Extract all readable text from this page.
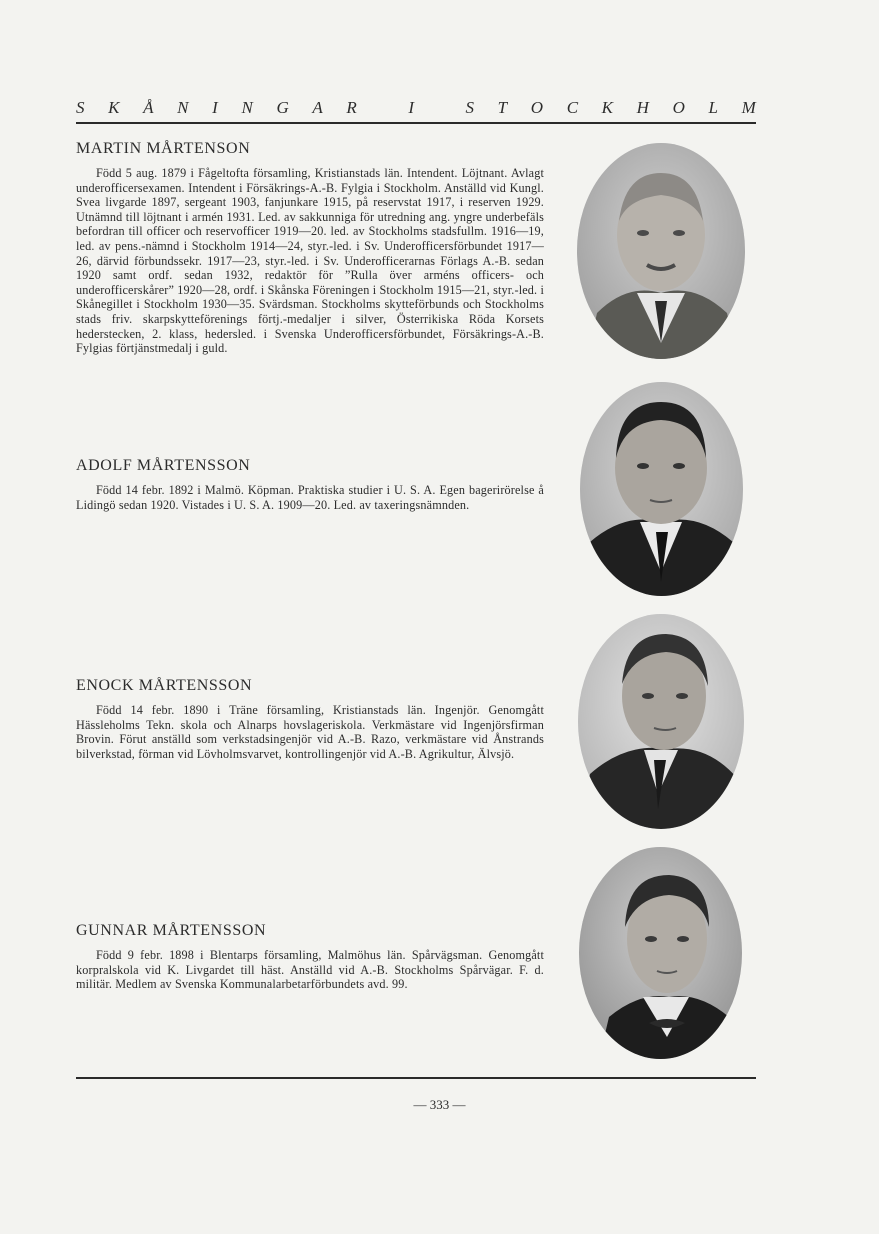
S K Å N I N G A R
	I
	S T O C K H O L M
MARTIN MÅRTENSON

Född 5 aug. 1879 i Fågeltofta församling, Kristianstads län. Intendent. Löjtnant. Avlagt underofficersexamen. Intendent i Försäkrings-A.-B. Fylgia i Stockholm. Anställd vid Kungl. Svea livgarde 1897, sergeant 1903, fanjunkare 1915, på reservstat 1917, i reserven 1929. Utnämnd till löjtnant i armén 1931. Led. av sakkunniga för utredning ang. yngre underbefäls befordran till officer och reservofficer 1919—20. led. av Stockholms stadsfullm. 1916—19, led. av pens.-nämnd i Stockholm 1914—24, styr.-led. i Sv. Underofficersförbundet 1917—26, därvid förbundssekr. 1917—23, styr.-led. i Sv. Underofficerarnas Förlags A.-B. sedan 1920 samt ordf. sedan 1932, redaktör för ”Rulla över arméns officers- och underofficerskårer” 1920—28, ordf. i Skånska Föreningen i Stockholm 1915—21, styr.-led. i Skånegillet i Stockholm 1930—35. Svärdsman. Stockholms skytteförbunds och Stockholms stads friv. skarpskytteförenings förtj.-medaljer i silver, Österrikiska Röda Korsets hederstecken, 2. klass, hedersled. i Svenska Underofficersförbundet, Försäkrings-A.-B. Fylgias förtjänstmedalj i guld.

ADOLF MÅRTENSSON

Född 14 febr. 1892 i Malmö. Köpman. Praktiska studier i U. S. A. Egen bagerirörelse å Lidingö sedan 1920. Vistades i U. S. A. 1909—20. Led. av taxeringsnämnden.

ENOCK MÅRTENSSON

Född 14 febr. 1890 i Träne församling, Kristianstads län. Ingenjör. Genomgått Hässleholms Tekn. skola och Alnarps hovslageriskola. Verkmästare vid Ingenjörsfirman Brovin. Förut anställd som verkstadsingenjör vid A.-B. Razo, verkmästare vid Ånstrands bilverkstad, förman vid Lövholmsvarvet, kontrollingenjör vid A.-B. Agrikultur, Älvsjö.

GUNNAR MÅRTENSSON

Född 9 febr. 1898 i Blentarps församling, Malmöhus län. Spårvägsman. Genomgått korpralskola vid K. Livgardet till häst. Anställd vid A.-B. Stockholms Spårvägar. F. d. militär. Medlem av Svenska Kommunalarbetarförbundets avd. 99.

— 333 —
